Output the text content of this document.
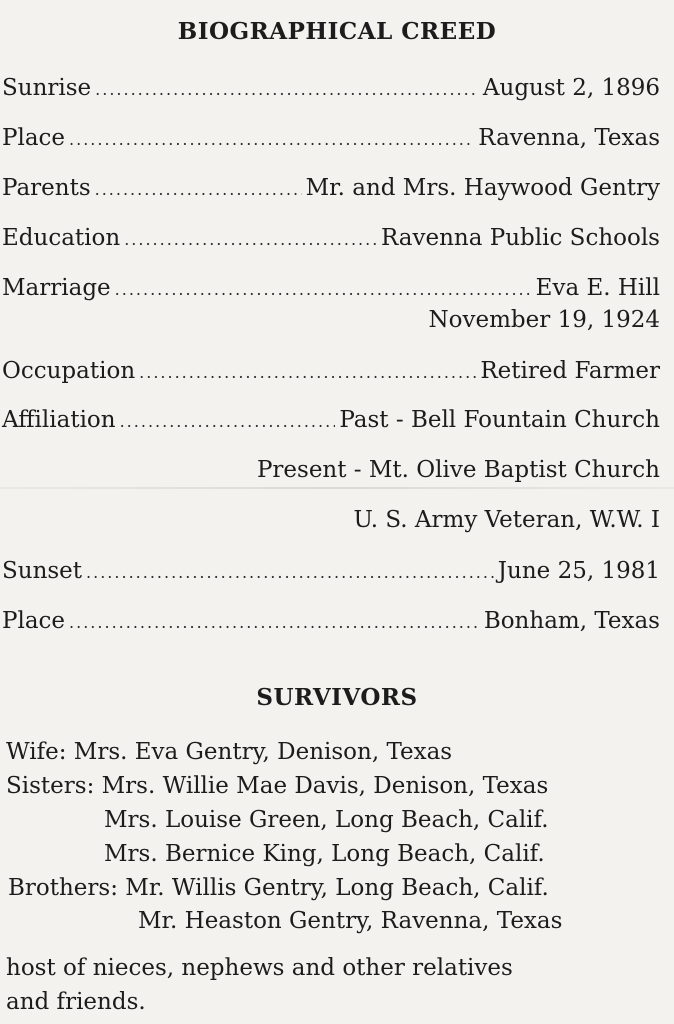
BIOGRAPHICAL CREED
Sunrise .....	August 2, 1896
Place .....	Ravenna, Texas
Parents .....	Mr. and Mrs. Haywood Gentry
Education .....	Ravenna Public Schools
Marriage .....	Eva E. Hill
November 19, 1924
Occupation .....	Retired Farmer
Affiliation .....	Past - Bell Fountain Church
Present - Mt. Olive Baptist Church
U. S. Army Veteran, W.W. I
Sunset .....	June 25, 1981
Place .....	Bonham, Texas
SURVIVORS
Wife: Mrs. Eva Gentry, Denison, Texas
Sisters: Mrs. Willie Mae Davis, Denison, Texas
Mrs. Louise Green, Long Beach, Calif.
Mrs. Bernice King, Long Beach, Calif.
Brothers: Mr. Willis Gentry, Long Beach, Calif.
Mr. Heaston Gentry, Ravenna, Texas
host of nieces, nephews and other relatives
and friends.
